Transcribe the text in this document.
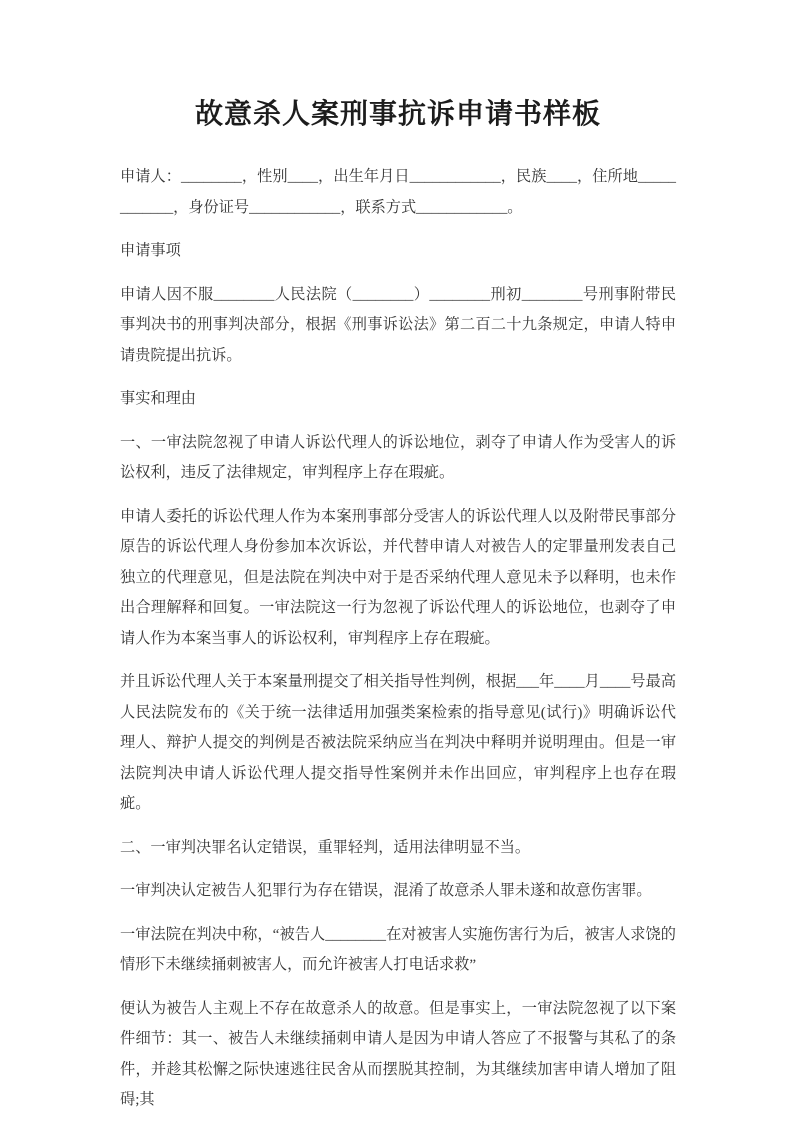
故意杀人案刑事抗诉申请书样板

申请人：________，性别____，出生年月日____________，民族____，住所地____________，身份证号____________，联系方式____________。

申请事项

申请人因不服________人民法院（________）________刑初________号刑事附带民事判决书的刑事判决部分，根据《刑事诉讼法》第二百二十九条规定，申请人特申请贵院提出抗诉。

事实和理由

一、一审法院忽视了申请人诉讼代理人的诉讼地位，剥夺了申请人作为受害人的诉讼权利，违反了法律规定，审判程序上存在瑕疵。

申请人委托的诉讼代理人作为本案刑事部分受害人的诉讼代理人以及附带民事部分原告的诉讼代理人身份参加本次诉讼，并代替申请人对被告人的定罪量刑发表自己独立的代理意见，但是法院在判决中对于是否采纳代理人意见未予以释明，也未作出合理解释和回复。一审法院这一行为忽视了诉讼代理人的诉讼地位，也剥夺了申请人作为本案当事人的诉讼权利，审判程序上存在瑕疵。

并且诉讼代理人关于本案量刑提交了相关指导性判例，根据___年____月____号最高人民法院发布的《关于统一法律适用加强类案检索的指导意见(试行)》明确诉讼代理人、辩护人提交的判例是否被法院采纳应当在判决中释明并说明理由。但是一审法院判决申请人诉讼代理人提交指导性案例并未作出回应，审判程序上也存在瑕疵。

二、一审判决罪名认定错误，重罪轻判，适用法律明显不当。

一审判决认定被告人犯罪行为存在错误，混淆了故意杀人罪未遂和故意伤害罪。

一审法院在判决中称，“被告人________在对被害人实施伤害行为后，被害人求饶的情形下未继续捅刺被害人，而允许被害人打电话求救”

便认为被告人主观上不存在故意杀人的故意。但是事实上，一审法院忽视了以下案件细节：其一、被告人未继续捅刺申请人是因为申请人答应了不报警与其私了的条件，并趁其松懈之际快速逃往民舍从而摆脱其控制，为其继续加害申请人增加了阻碍;其
